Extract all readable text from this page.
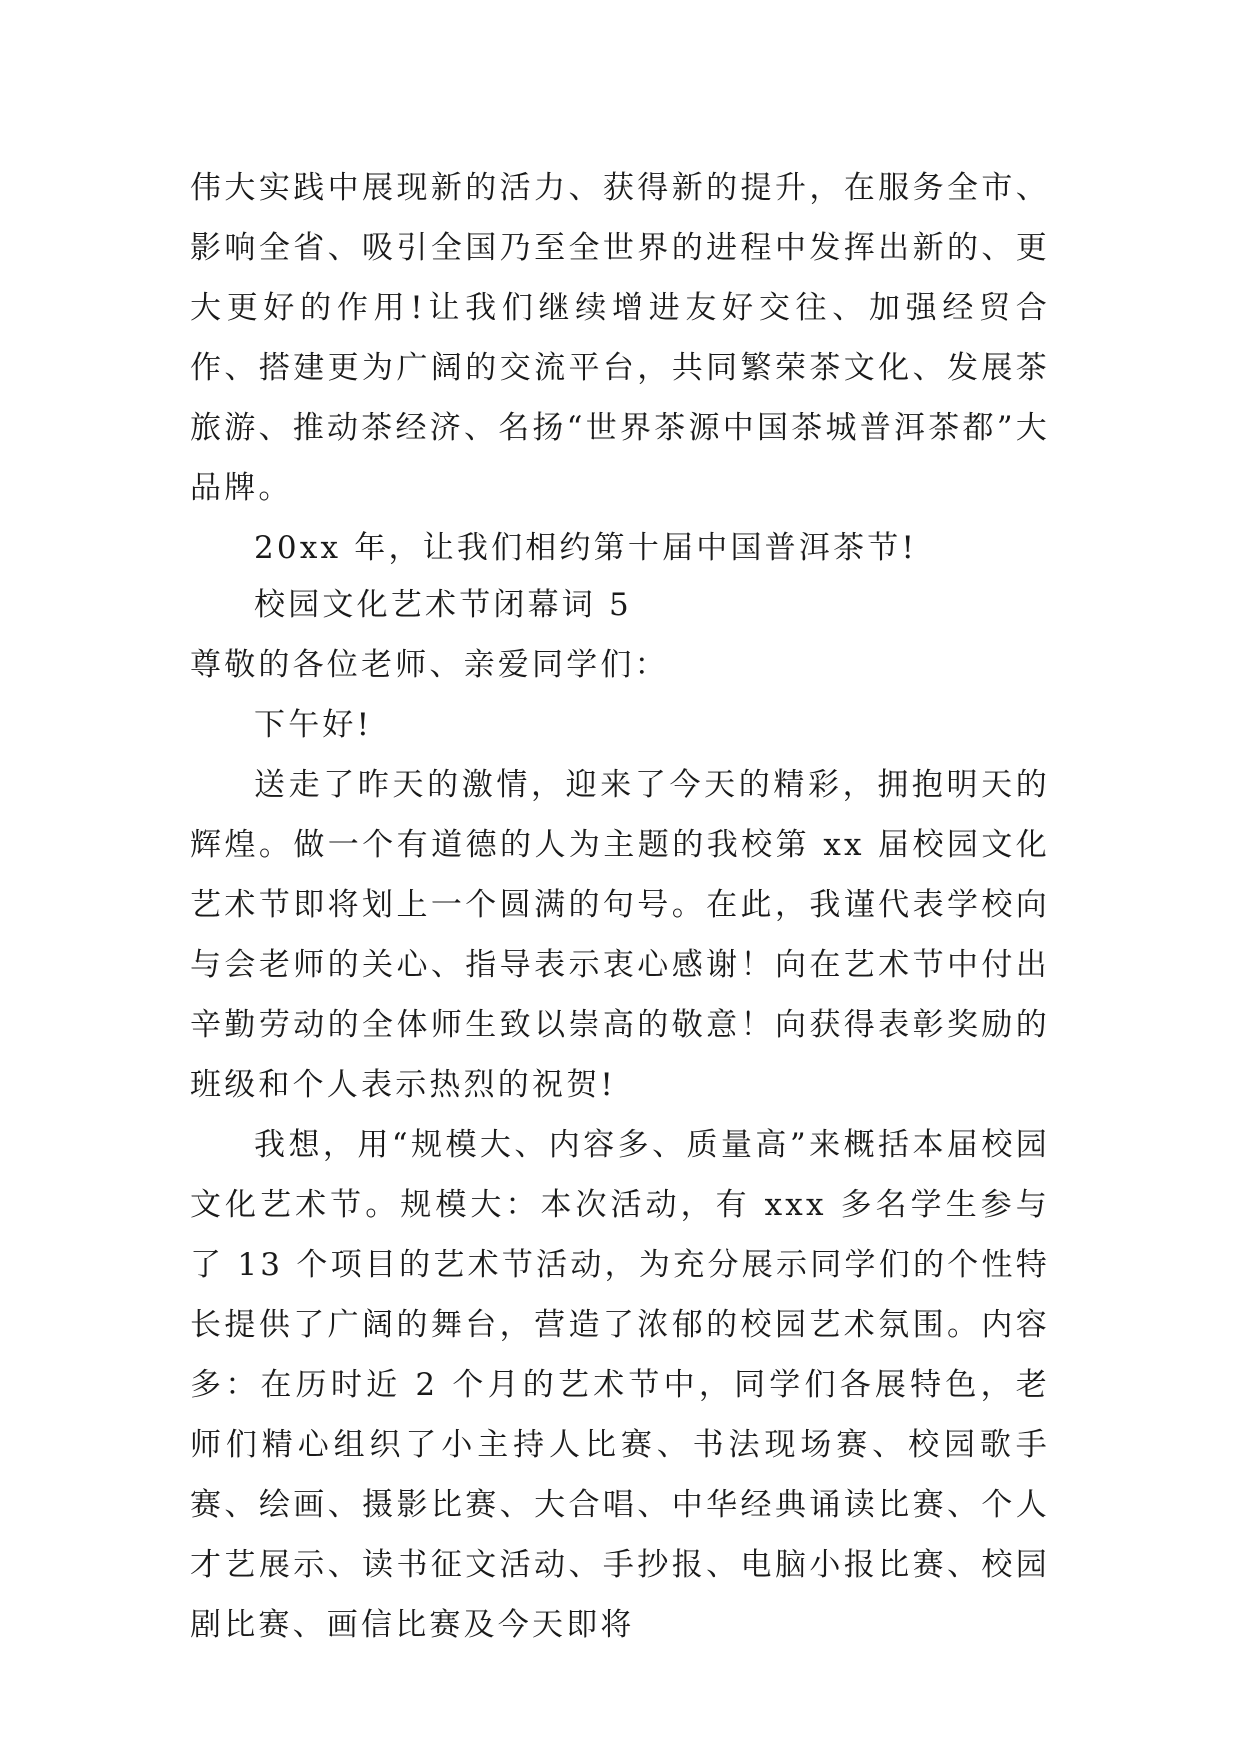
伟大实践中展现新的活力、获得新的提升，在服务全市、影响全省、吸引全国乃至全世界的进程中发挥出新的、更大更好的作用!让我们继续增进友好交往、加强经贸合作、搭建更为广阔的交流平台，共同繁荣茶文化、发展茶旅游、推动茶经济、名扬“世界茶源中国茶城普洱茶都”大品牌。

20xx 年，让我们相约第十届中国普洱茶节!

校园文化艺术节闭幕词 5

尊敬的各位老师、亲爱同学们：

下午好!

送走了昨天的激情，迎来了今天的精彩，拥抱明天的辉煌。做一个有道德的人为主题的我校第 xx 届校园文化艺术节即将划上一个圆满的句号。在此，我谨代表学校向与会老师的关心、指导表示衷心感谢！向在艺术节中付出辛勤劳动的全体师生致以崇高的敬意！向获得表彰奖励的班级和个人表示热烈的祝贺!

我想，用“规模大、内容多、质量高”来概括本届校园文化艺术节。规模大：本次活动，有 xxx 多名学生参与了 13 个项目的艺术节活动，为充分展示同学们的个性特长提供了广阔的舞台，营造了浓郁的校园艺术氛围。内容多：在历时近 2 个月的艺术节中，同学们各展特色，老师们精心组织了小主持人比赛、书法现场赛、校园歌手赛、绘画、摄影比赛、大合唱、中华经典诵读比赛、个人才艺展示、读书征文活动、手抄报、电脑小报比赛、校园剧比赛、画信比赛及今天即将
